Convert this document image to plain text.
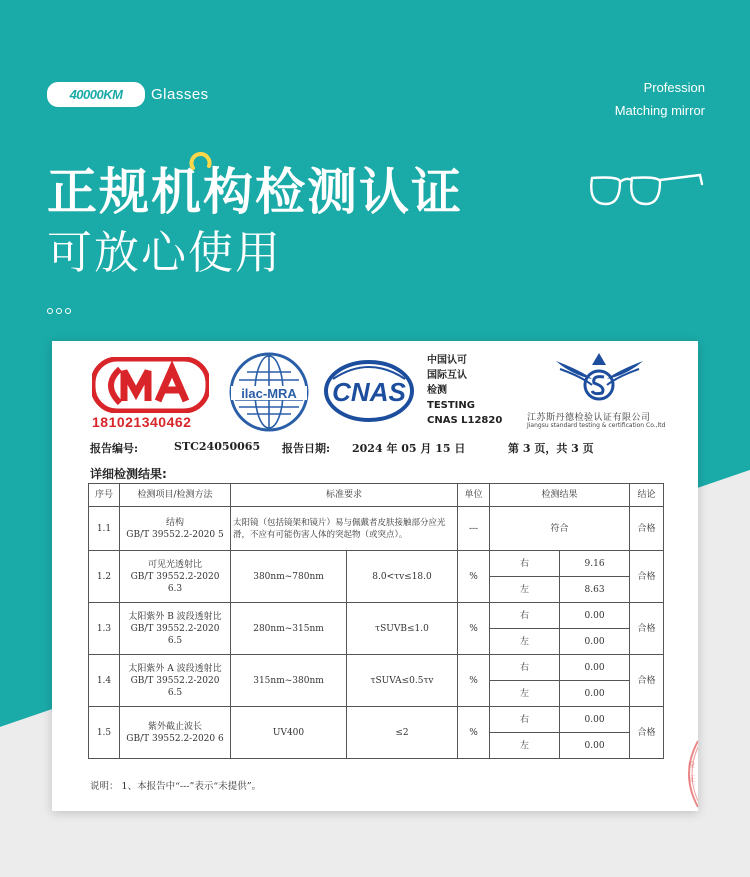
40000KM	Glasses	Profession
Matching mirror
正规机构检测认证
可放心使用
181021340462
ilac-MRA CNAS
中国认可
国际互认
检测
TESTING
CNAS L12820	江苏斯丹德检验认证有限公司
Jiangsu standard testing & certification Co.,ltd
报告编号:	STC24050065 报告日期: 2024 年 05 月 15 日	第 3 页，共 3 页
详细检测结果:
序号	检测项目/检测方法	标准要求		单位	检测结果		结论
1.1	结构
GB/T 39552.2-2020 5	太阳镜（包括镜架和镜片）易与佩戴者皮肤接触部分应光滑，不应有可能伤害人体的突起物（或突点）。		---	符合		合格
1.2	可见光透射比
GB/T 39552.2-2020 6.3	380nm~780nm	8.0<τv≤18.0	%	右	9.16	合格
					左	8.63	
1.3	太阳紫外 B 波段透射比
GB/T 39552.2-2020 6.5	280nm~315nm	τSUVB≤1.0	%	右	0.00	合格
					左	0.00	
1.4	太阳紫外 A 波段透射比
GB/T 39552.2-2020 6.5	315nm~380nm	τSUVA≤0.5τv	%	右	0.00	合格
					左	0.00	
1.5	紫外截止波长
GB/T 39552.2-2020 6	UV400	≤2	%	右	0.00	合格
					左	0.00	
说明： 1、本报告中“---”表示“未提供”。
检
证
